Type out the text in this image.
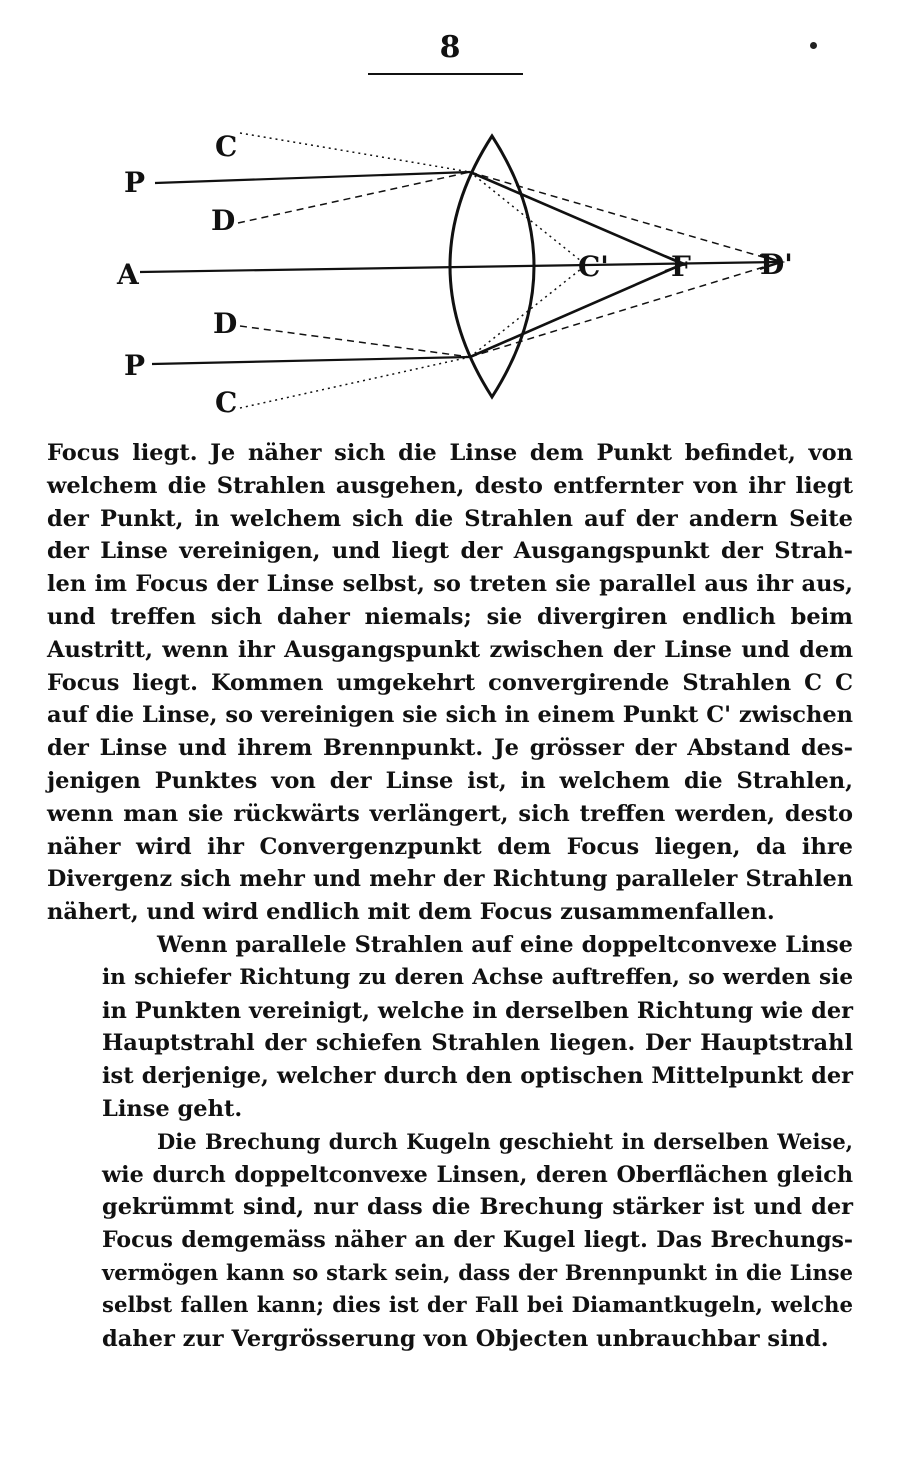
8
C
P
D
A
D
P
C
C' F D'

Focus liegt. Je näher sich die Linse dem Punkt befindet, von
welchem die Strahlen ausgehen, desto entfernter von ihr liegt
der Punkt, in welchem sich die Strahlen auf der andern Seite
der Linse vereinigen, und liegt der Ausgangspunkt der Strah-
len im Focus der Linse selbst, so treten sie parallel aus ihr aus,
und treffen sich daher niemals; sie divergiren endlich beim
Austritt, wenn ihr Ausgangspunkt zwischen der Linse und dem
Focus liegt. Kommen umgekehrt convergirende Strahlen C C
auf die Linse, so vereinigen sie sich in einem Punkt C' zwischen
der Linse und ihrem Brennpunkt. Je grösser der Abstand des-
jenigen Punktes von der Linse ist, in welchem die Strahlen,
wenn man sie rückwärts verlängert, sich treffen werden, desto
näher wird ihr Convergenzpunkt dem Focus liegen, da ihre
Divergenz sich mehr und mehr der Richtung paralleler Strahlen
nähert, und wird endlich mit dem Focus zusammenfallen.

Wenn parallele Strahlen auf eine doppeltconvexe Linse
in schiefer Richtung zu deren Achse auftreffen, so werden sie
in Punkten vereinigt, welche in derselben Richtung wie der
Hauptstrahl der schiefen Strahlen liegen. Der Hauptstrahl
ist derjenige, welcher durch den optischen Mittelpunkt der
Linse geht.

Die Brechung durch Kugeln geschieht in derselben Weise,
wie durch doppeltconvexe Linsen, deren Oberflächen gleich
gekrümmt sind, nur dass die Brechung stärker ist und der
Focus demgemäss näher an der Kugel liegt. Das Brechungs-
vermögen kann so stark sein, dass der Brennpunkt in die Linse
selbst fallen kann; dies ist der Fall bei Diamantkugeln, welche
daher zur Vergrösserung von Objecten unbrauchbar sind.
